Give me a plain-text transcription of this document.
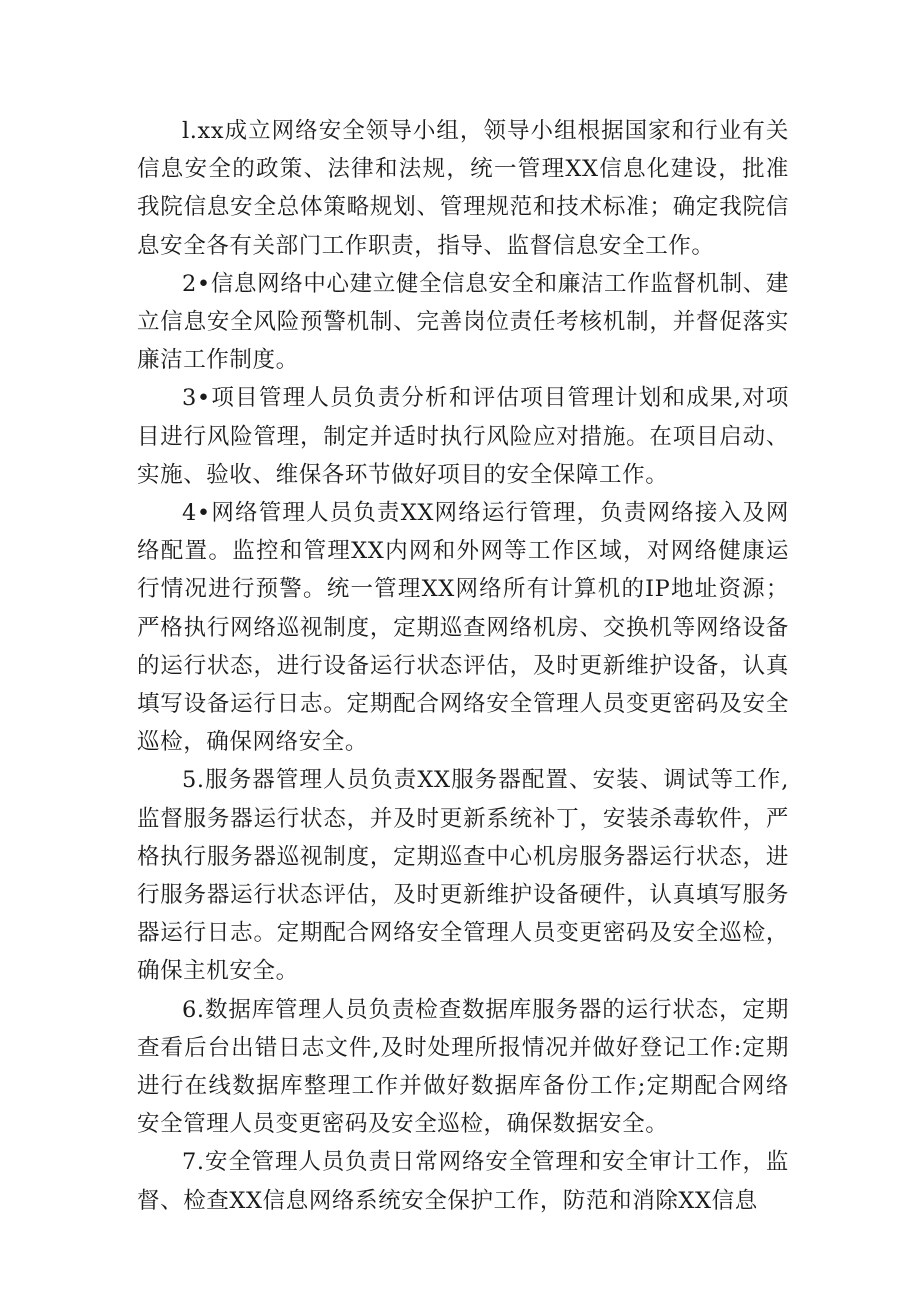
l.xx成立网络安全领导小组，领导小组根据国家和行业有关信息安全的政策、法律和法规，统一管理XX信息化建设，批准我院信息安全总体策略规划、管理规范和技术标准；确定我院信息安全各有关部门工作职责，指导、监督信息安全工作。

2•信息网络中心建立健全信息安全和廉洁工作监督机制、建立信息安全风险预警机制、完善岗位责任考核机制，并督促落实廉洁工作制度。

3•项目管理人员负责分析和评估项目管理计划和成果,对项目进行风险管理，制定并适时执行风险应对措施。在项目启动、实施、验收、维保各环节做好项目的安全保障工作。

4•网络管理人员负责XX网络运行管理，负责网络接入及网络配置。监控和管理XX内网和外网等工作区域，对网络健康运行情况进行预警。统一管理XX网络所有计算机的IP地址资源；严格执行网络巡视制度，定期巡查网络机房、交换机等网络设备的运行状态，进行设备运行状态评估，及时更新维护设备，认真填写设备运行日志。定期配合网络安全管理人员变更密码及安全巡检，确保网络安全。

5.服务器管理人员负责XX服务器配置、安装、调试等工作,监督服务器运行状态，并及时更新系统补丁，安装杀毒软件，严格执行服务器巡视制度，定期巡查中心机房服务器运行状态，进行服务器运行状态评估，及时更新维护设备硬件，认真填写服务器运行日志。定期配合网络安全管理人员变更密码及安全巡检，确保主机安全。

6.数据库管理人员负责检查数据库服务器的运行状态，定期查看后台出错日志文件,及时处理所报情况并做好登记工作:定期进行在线数据库整理工作并做好数据库备份工作;定期配合网络安全管理人员变更密码及安全巡检，确保数据安全。

7.安全管理人员负责日常网络安全管理和安全审计工作，监督、检查XX信息网络系统安全保护工作，防范和消除XX信息
